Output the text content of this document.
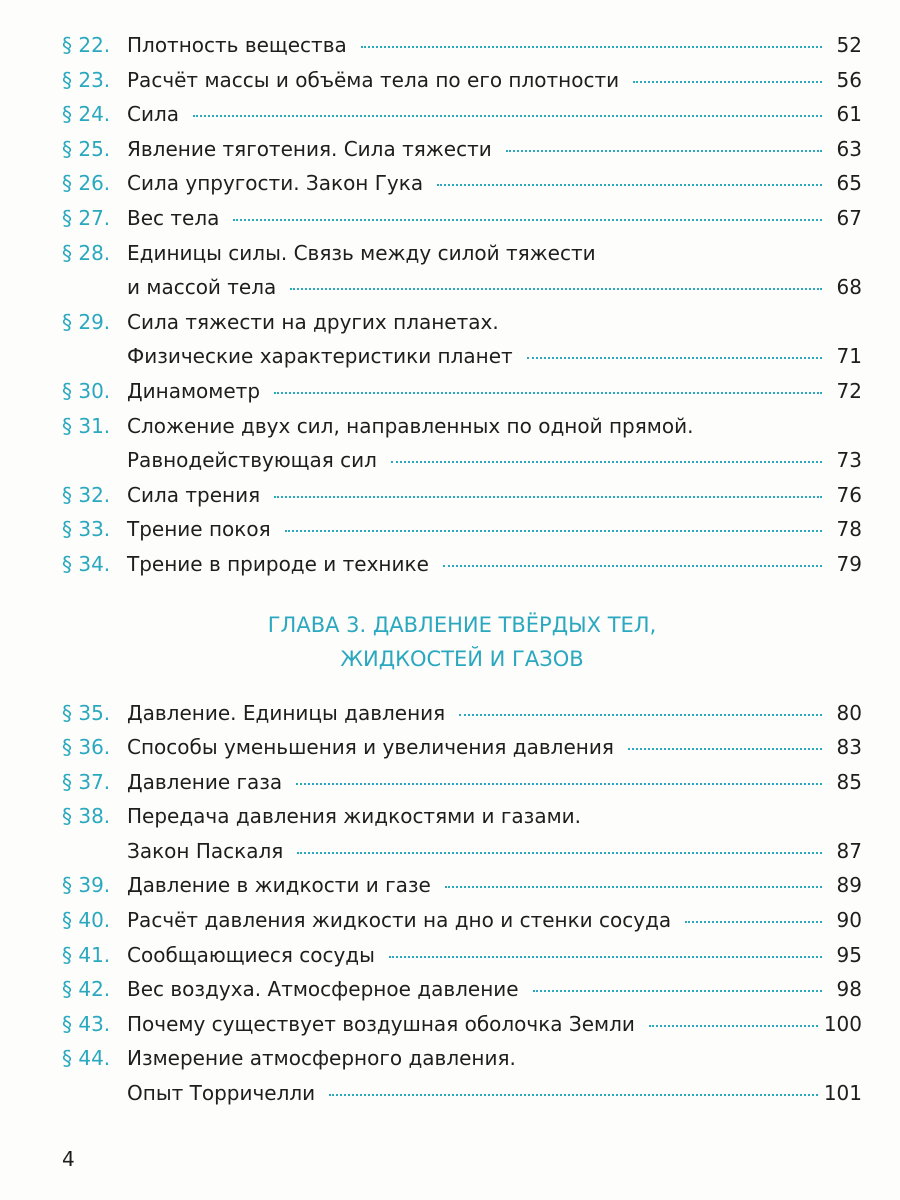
§ 22. Плотность вещества	52
§ 23. Расчёт массы и объёма тела по его плотности	56
§ 24. Сила	61
§ 25. Явление тяготения. Сила тяжести	63
§ 26. Сила упругости. Закон Гука	65
§ 27. Вес тела	67
§ 28. Единицы силы. Связь между силой тяжести
и массой тела	68
§ 29. Сила тяжести на других планетах.
Физические характеристики планет	71
§ 30. Динамометр	72
§ 31. Сложение двух сил, направленных по одной прямой.
Равнодействующая сил	73
§ 32. Сила трения	76
§ 33. Трение покоя	78
§ 34. Трение в природе и технике	79
ГЛАВА 3. ДАВЛЕНИЕ ТВЁРДЫХ ТЕЛ,
ЖИДКОСТЕЙ И ГАЗОВ
§ 35. Давление. Единицы давления	80
§ 36. Способы уменьшения и увеличения давления	83
§ 37. Давление газа	85
§ 38. Передача давления жидкостями и газами.
Закон Паскаля	87
§ 39. Давление в жидкости и газе	89
§ 40. Расчёт давления жидкости на дно и стенки сосуда	90
§ 41. Сообщающиеся сосуды	95
§ 42. Вес воздуха. Атмосферное давление	98
§ 43. Почему существует воздушная оболочка Земли	100
§ 44. Измерение атмосферного давления.
Опыт Торричелли	101
4
